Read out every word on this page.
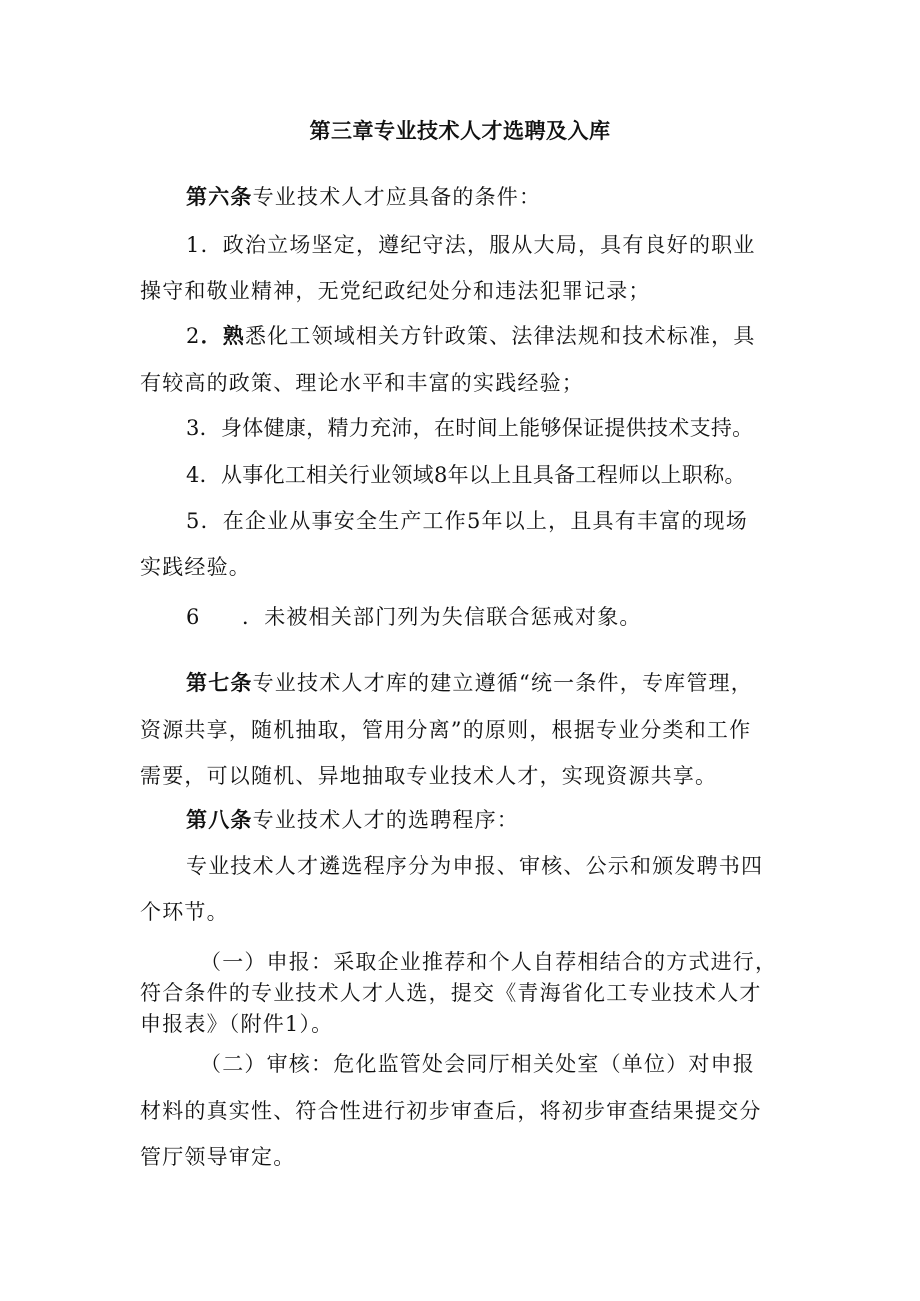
第三章专业技术人才选聘及入库
第六条专业技术人才应具备的条件：
1．政治立场坚定，遵纪守法，服从大局，具有良好的职业
操守和敬业精神，无党纪政纪处分和违法犯罪记录；
2．熟悉化工领域相关方针政策、法律法规和技术标准，具
有较高的政策、理论水平和丰富的实践经验；
3．身体健康，精力充沛，在时间上能够保证提供技术支持。
4．从事化工相关行业领域8年以上且具备工程师以上职称。
5．在企业从事安全生产工作5年以上，且具有丰富的现场
实践经验。
6 ．未被相关部门列为失信联合惩戒对象。
第七条专业技术人才库的建立遵循“统一条件，专库管理，
资源共享，随机抽取，管用分离”的原则，根据专业分类和工作
需要，可以随机、异地抽取专业技术人才，实现资源共享。
第八条专业技术人才的选聘程序：
专业技术人才遴选程序分为申报、审核、公示和颁发聘书四
个环节。
（一）申报：采取企业推荐和个人自荐相结合的方式进行，
符合条件的专业技术人才人选，提交《青海省化工专业技术人才
申报表》（附件1）。
（二）审核：危化监管处会同厅相关处室（单位）对申报
材料的真实性、符合性进行初步审查后，将初步审查结果提交分
管厅领导审定。
